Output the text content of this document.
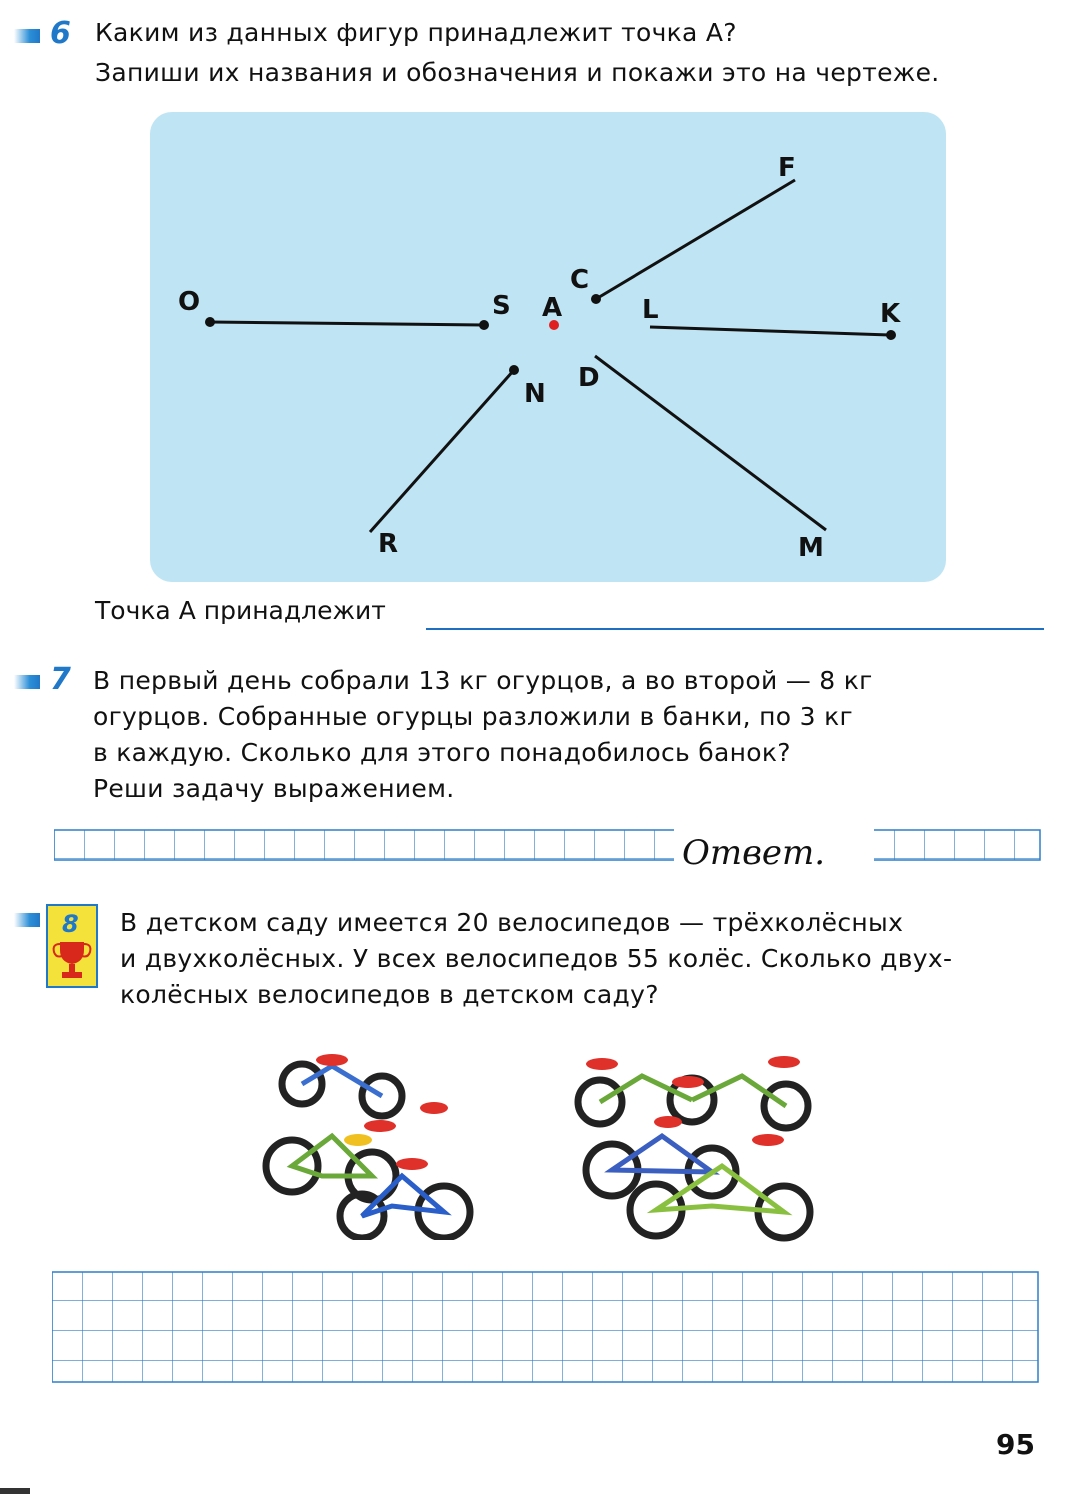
6 Каким из данных фигур принадлежит точка А?
Запиши их названия и обозначения и покажи это на чертеже.
O	S A
C
L	K
F
N
D
R	M
Точка А принадлежит
7 В первый день собрали 13 кг огурцов, а во второй — 8 кг
огурцов. Собранные огурцы разложили в банки, по 3 кг
в каждую. Сколько для этого понадобилось банок?
Реши задачу выражением.
Ответ.
8 В детском саду имеется 20 велосипедов — трёхколёсных
и двухколёсных. У всех велосипедов 55 колёс. Сколько двух-
колёсных велосипедов в детском саду?
95
